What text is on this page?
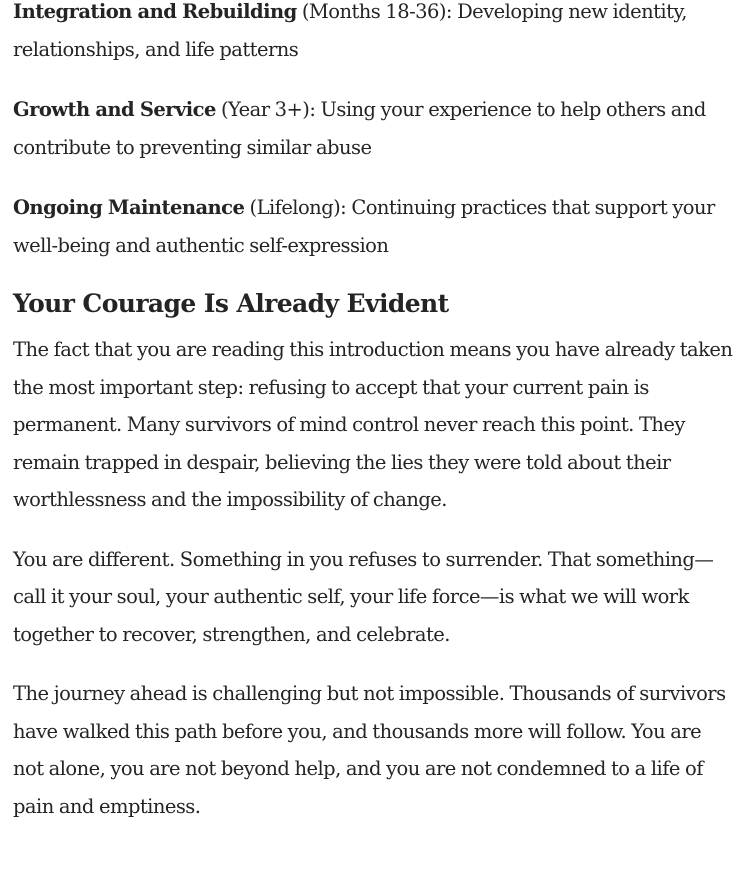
Integration and Rebuilding (Months 18-36): Developing new identity, relationships, and life patterns

Growth and Service (Year 3+): Using your experience to help others and contribute to preventing similar abuse

Ongoing Maintenance (Lifelong): Continuing practices that support your well-being and authentic self-expression

Your Courage Is Already Evident

The fact that you are reading this introduction means you have already taken the most important step: refusing to accept that your current pain is permanent. Many survivors of mind control never reach this point. They remain trapped in despair, believing the lies they were told about their worthlessness and the impossibility of change.

You are different. Something in you refuses to surrender. That something—call it your soul, your authentic self, your life force—is what we will work together to recover, strengthen, and celebrate.

The journey ahead is challenging but not impossible. Thousands of survivors have walked this path before you, and thousands more will follow. You are not alone, you are not beyond help, and you are not condemned to a life of pain and emptiness.
